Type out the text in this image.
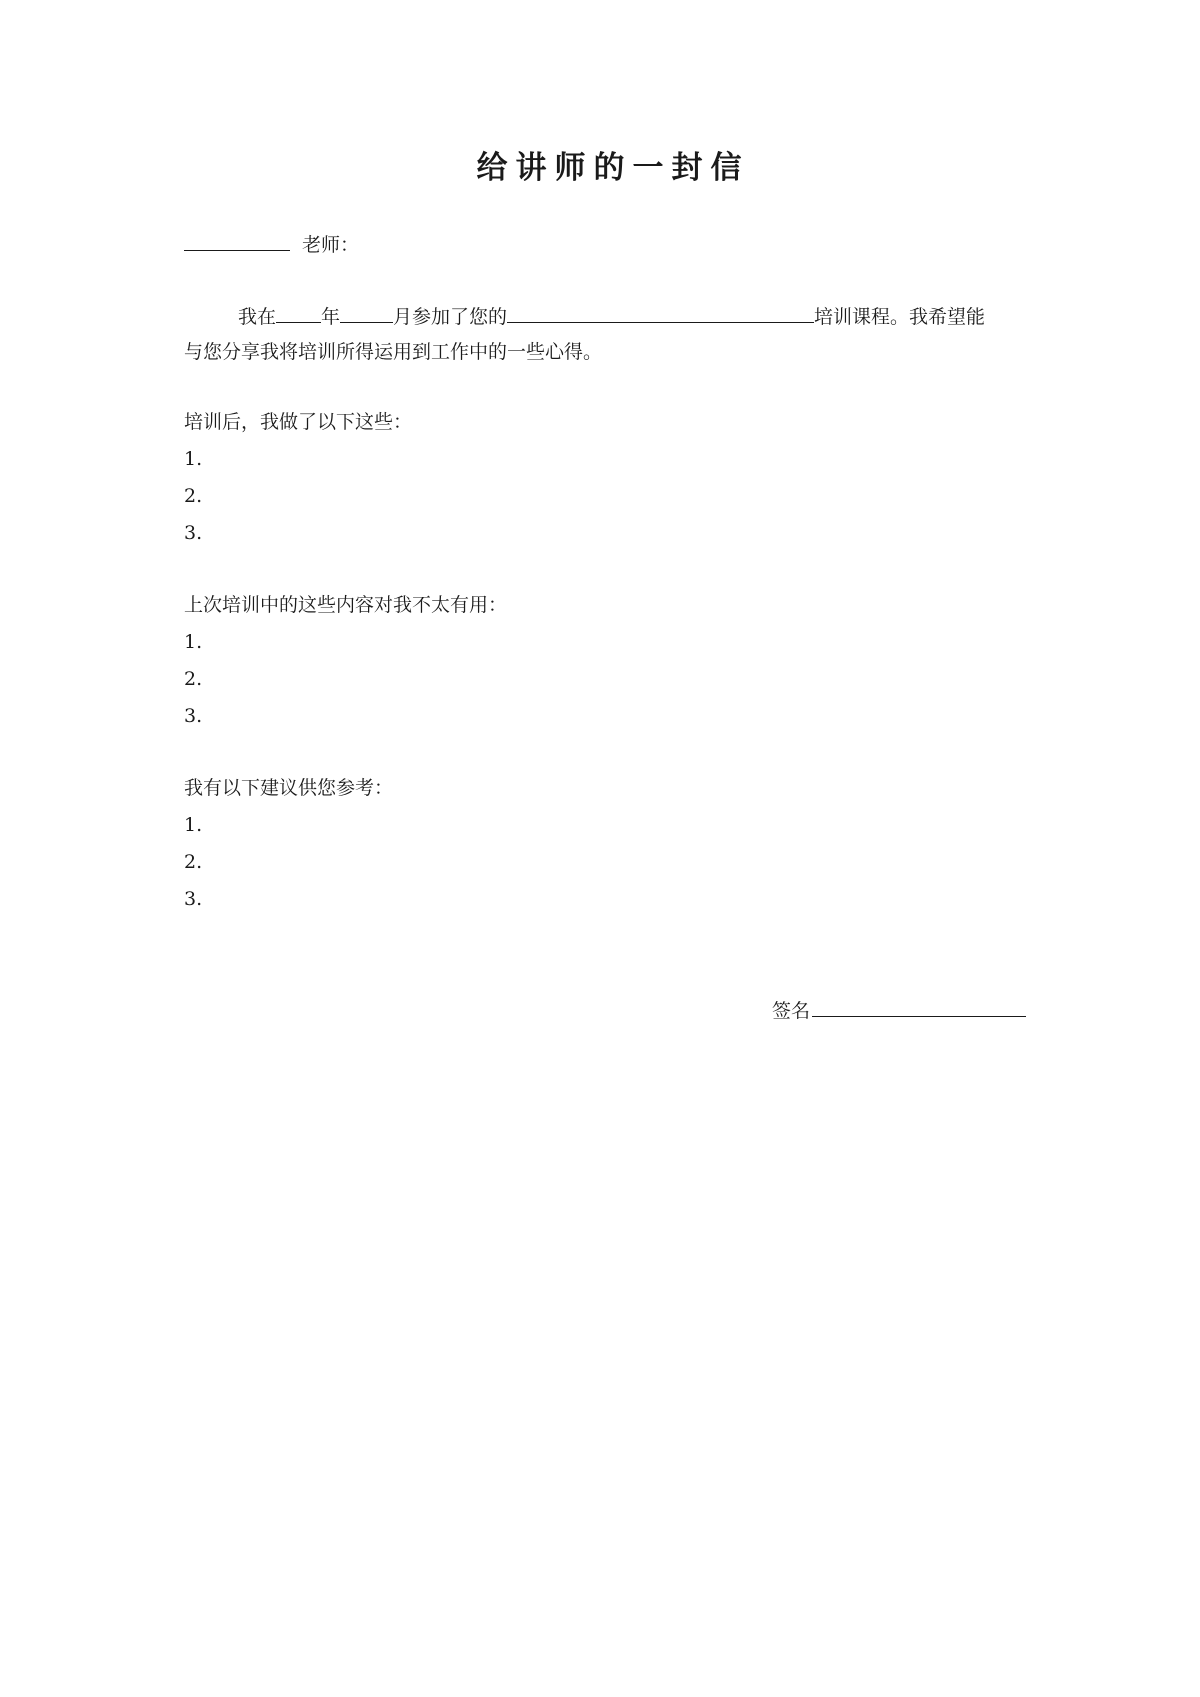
给讲师的一封信
老师：
我在 年	月参加了您的	培训课程。我希望能
与您分享我将培训所得运用到工作中的一些心得。
培训后，我做了以下这些：
1.
2.
3.
上次培训中的这些内容对我不太有用：
1.
2.
3.
我有以下建议供您参考：
1.
2.
3.
签名
